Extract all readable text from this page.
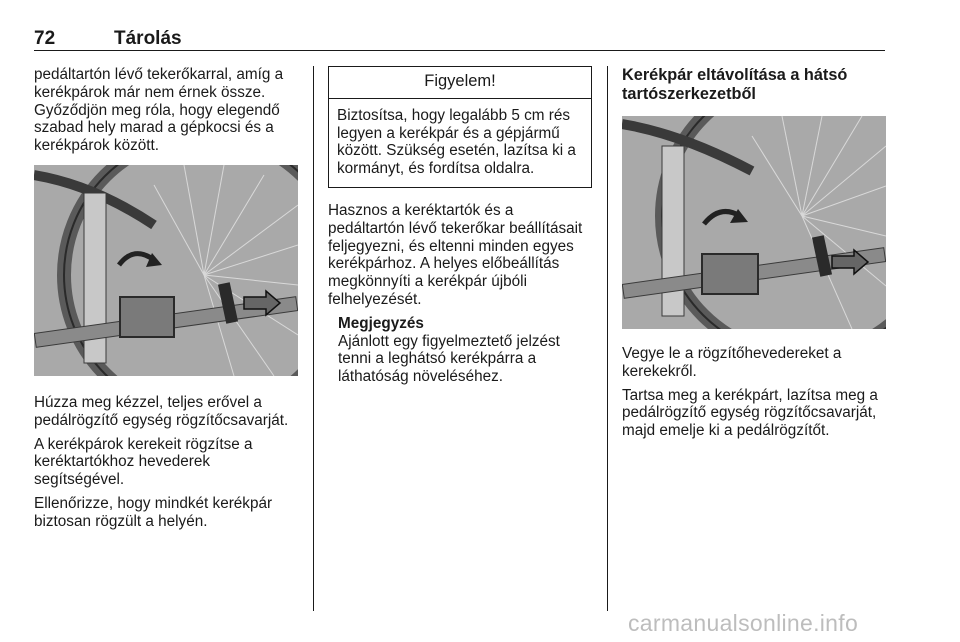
72	Tárolás

pedáltartón lévő tekerőkarral, amíg a kerékpárok már nem érnek össze. Győződjön meg róla, hogy elegendő szabad hely marad a gépkocsi és a kerékpárok között.

Húzza meg kézzel, teljes erővel a pedálrögzítő egység rögzítőcsavarját.

A kerékpárok kerekeit rögzítse a keréktartókhoz hevederek segítségével.

Ellenőrizze, hogy mindkét kerékpár biztosan rögzült a helyén.

Figyelem!
Biztosítsa, hogy legalább 5 cm rés legyen a kerékpár és a gépjármű között. Szükség esetén, lazítsa ki a kormányt, és fordítsa oldalra.

Hasznos a keréktartók és a pedáltartón lévő tekerőkar beállításait feljegyezni, és eltenni minden egyes kerékpárhoz. A helyes előbeállítás megkönnyíti a kerékpár újbóli felhelyezését.

Megjegyzés
Ajánlott egy figyelmeztető jelzést tenni a leghátsó kerékpárra a láthatóság növeléséhez.
Kerékpár eltávolítása a hátsó tartószerkezetből

Vegye le a rögzítőhevedereket a kerekekről.

Tartsa meg a kerékpárt, lazítsa meg a pedálrögzítő egység rögzítőcsavarját, majd emelje ki a pedálrögzítőt.

carmanualsonline.info
